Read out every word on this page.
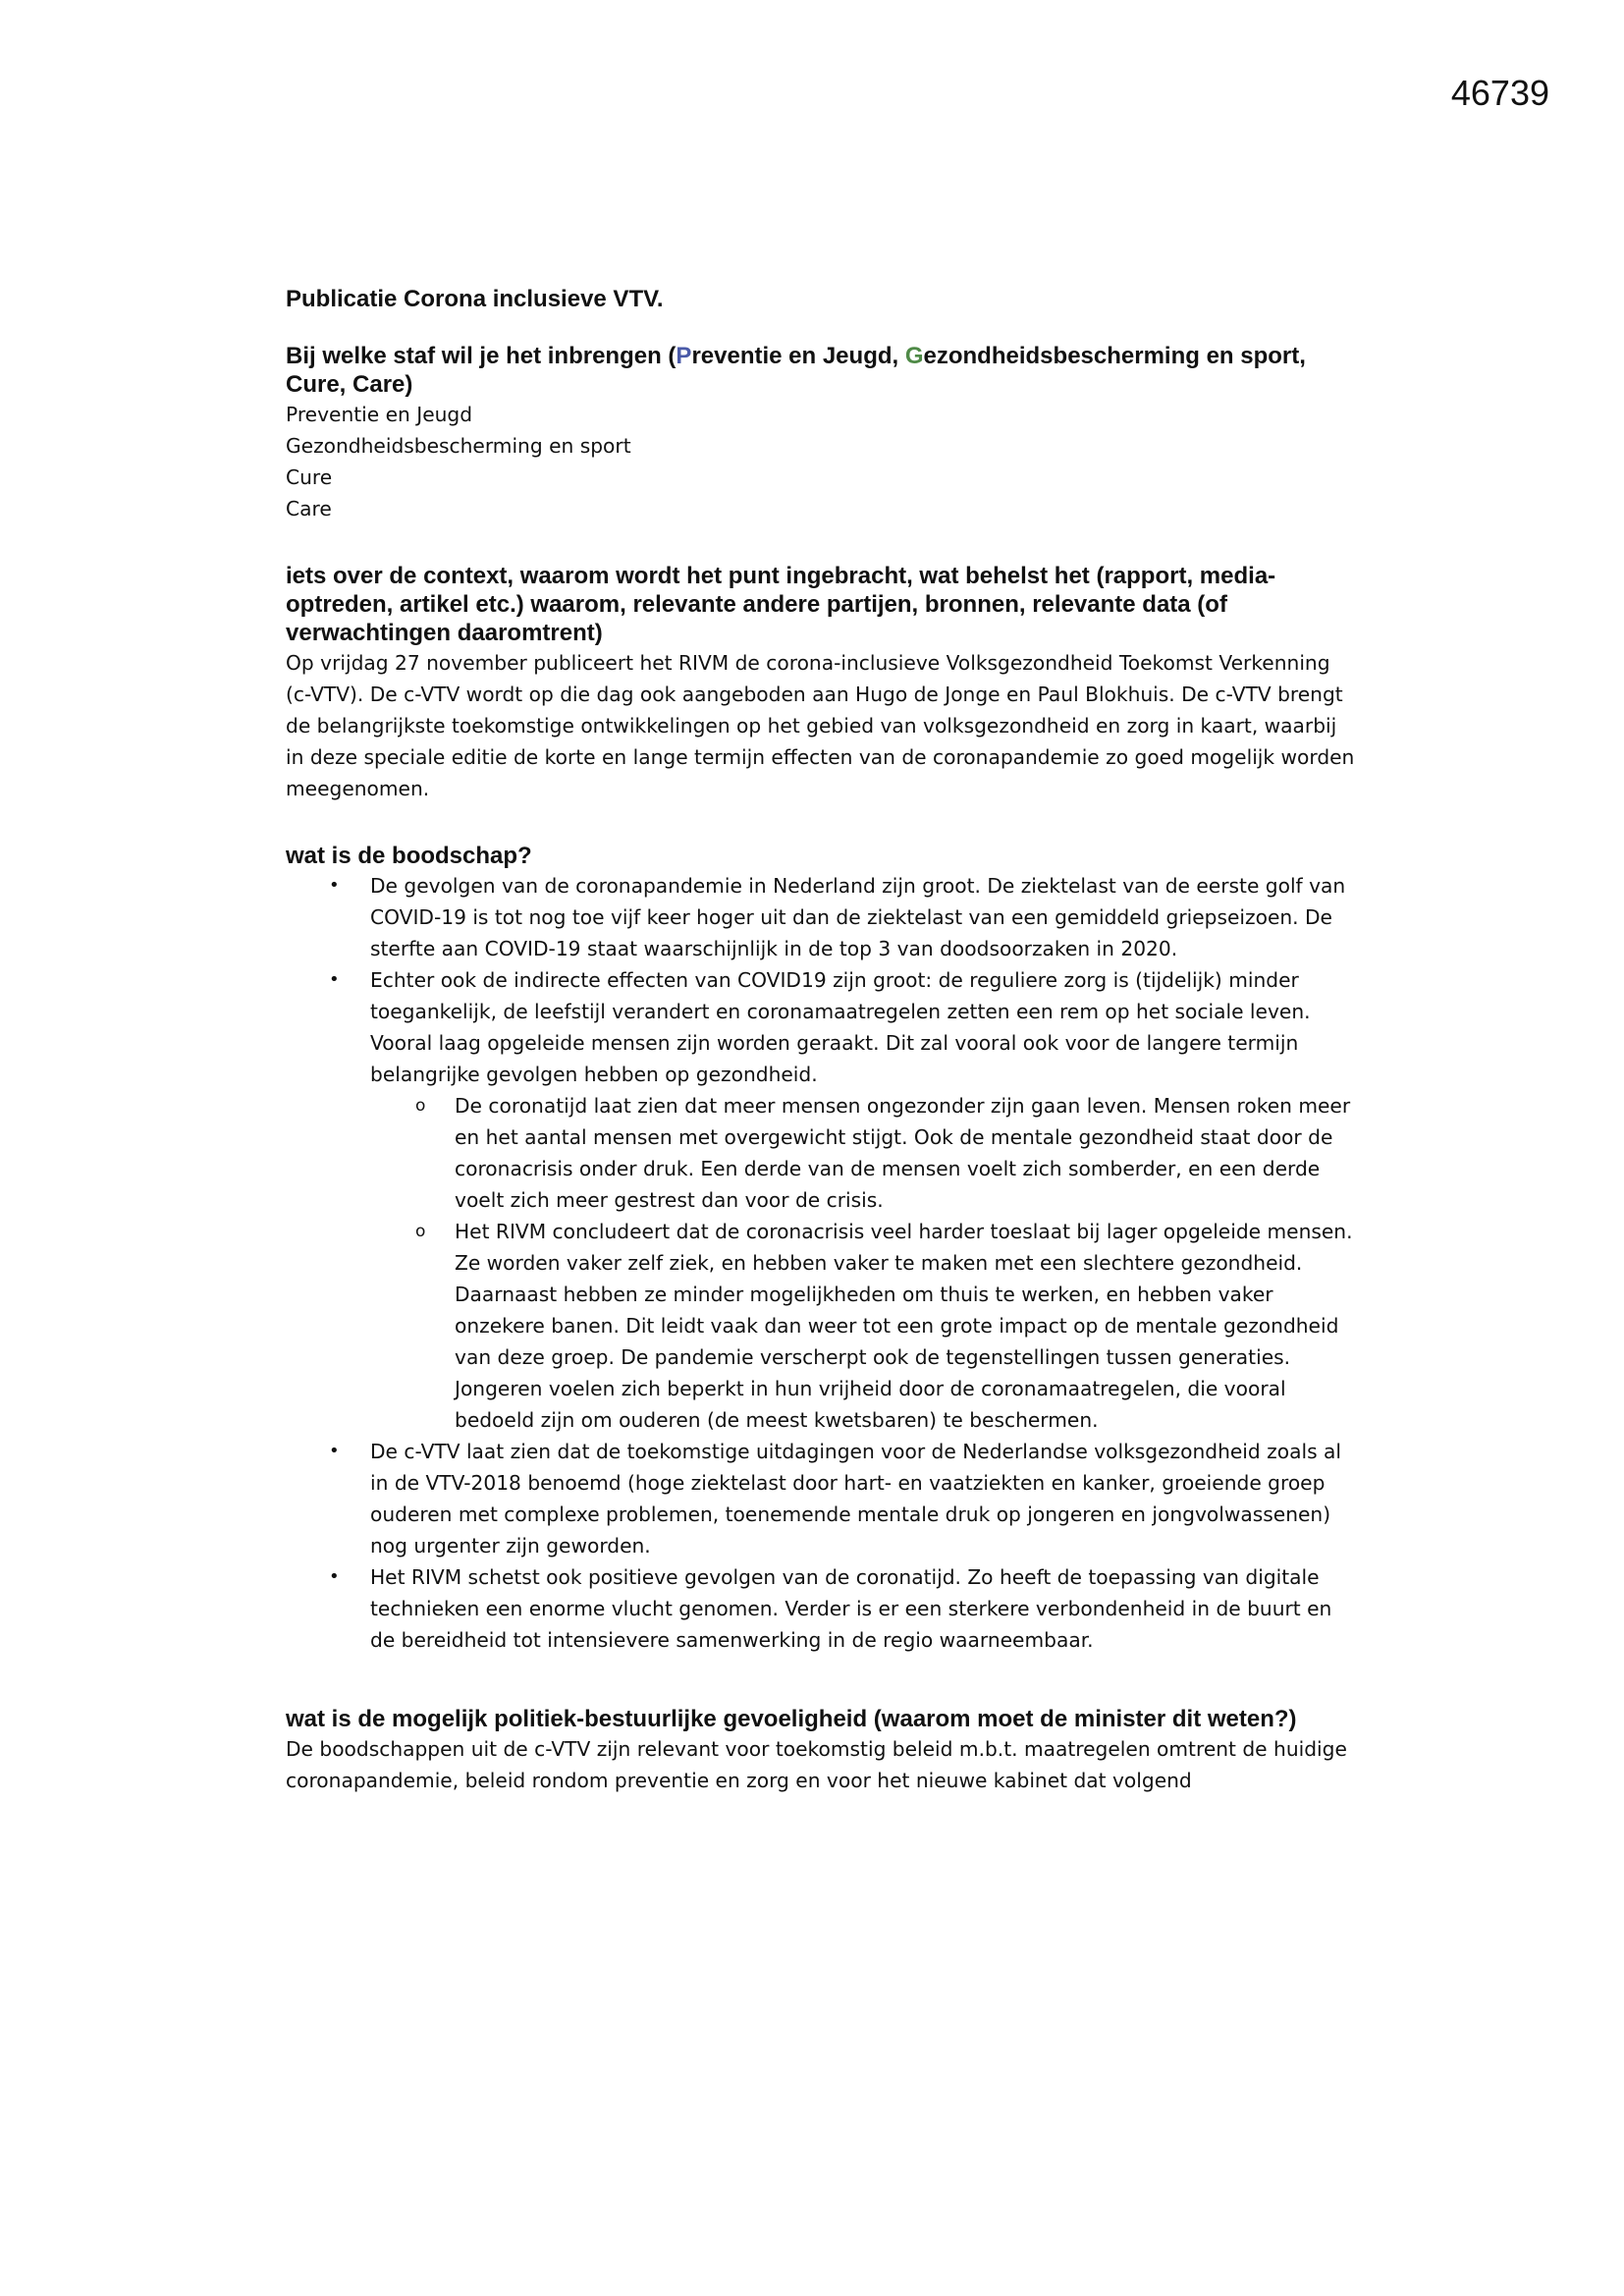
46739

Publicatie Corona inclusieve VTV.

Bij welke staf wil je het inbrengen (Preventie en Jeugd, Gezondheidsbescherming en sport, Cure, Care)

Preventie en Jeugd
Gezondheidsbescherming en sport
Cure
Care

iets over de context, waarom wordt het punt ingebracht, wat behelst het (rapport, media-optreden, artikel etc.) waarom, relevante andere partijen, bronnen, relevante data (of verwachtingen daaromtrent)

Op vrijdag 27 november publiceert het RIVM de corona-inclusieve Volksgezondheid Toekomst Verkenning (c-VTV). De c-VTV wordt op die dag ook aangeboden aan Hugo de Jonge en Paul Blokhuis. De c-VTV brengt de belangrijkste toekomstige ontwikkelingen op het gebied van volksgezondheid en zorg in kaart, waarbij in deze speciale editie de korte en lange termijn effecten van de coronapandemie zo goed mogelijk worden meegenomen.

wat is de boodschap?

• De gevolgen van de coronapandemie in Nederland zijn groot. De ziektelast van de eerste golf van COVID-19 is tot nog toe vijf keer hoger uit dan de ziektelast van een gemiddeld griepseizoen. De sterfte aan COVID-19 staat waarschijnlijk in de top 3 van doodsoorzaken in 2020.
• Echter ook de indirecte effecten van COVID19 zijn groot: de reguliere zorg is (tijdelijk) minder toegankelijk, de leefstijl verandert en coronamaatregelen zetten een rem op het sociale leven. Vooral laag opgeleide mensen zijn worden geraakt. Dit zal vooral ook voor de langere termijn belangrijke gevolgen hebben op gezondheid.
o De coronatijd laat zien dat meer mensen ongezonder zijn gaan leven. Mensen roken meer en het aantal mensen met overgewicht stijgt. Ook de mentale gezondheid staat door de coronacrisis onder druk. Een derde van de mensen voelt zich somberder, en een derde voelt zich meer gestrest dan voor de crisis.
o Het RIVM concludeert dat de coronacrisis veel harder toeslaat bij lager opgeleide mensen. Ze worden vaker zelf ziek, en hebben vaker te maken met een slechtere gezondheid. Daarnaast hebben ze minder mogelijkheden om thuis te werken, en hebben vaker onzekere banen. Dit leidt vaak dan weer tot een grote impact op de mentale gezondheid van deze groep. De pandemie verscherpt ook de tegenstellingen tussen generaties. Jongeren voelen zich beperkt in hun vrijheid door de coronamaatregelen, die vooral bedoeld zijn om ouderen (de meest kwetsbaren) te beschermen.
• De c-VTV laat zien dat de toekomstige uitdagingen voor de Nederlandse volksgezondheid zoals al in de VTV-2018 benoemd (hoge ziektelast door hart- en vaatziekten en kanker, groeiende groep ouderen met complexe problemen, toenemende mentale druk op jongeren en jongvolwassenen) nog urgenter zijn geworden.
• Het RIVM schetst ook positieve gevolgen van de coronatijd. Zo heeft de toepassing van digitale technieken een enorme vlucht genomen. Verder is er een sterkere verbondenheid in de buurt en de bereidheid tot intensievere samenwerking in de regio waarneembaar.

wat is de mogelijk politiek-bestuurlijke gevoeligheid (waarom moet de minister dit weten?)

De boodschappen uit de c-VTV zijn relevant voor toekomstig beleid m.b.t. maatregelen omtrent de huidige coronapandemie, beleid rondom preventie en zorg en voor het nieuwe kabinet dat volgend
